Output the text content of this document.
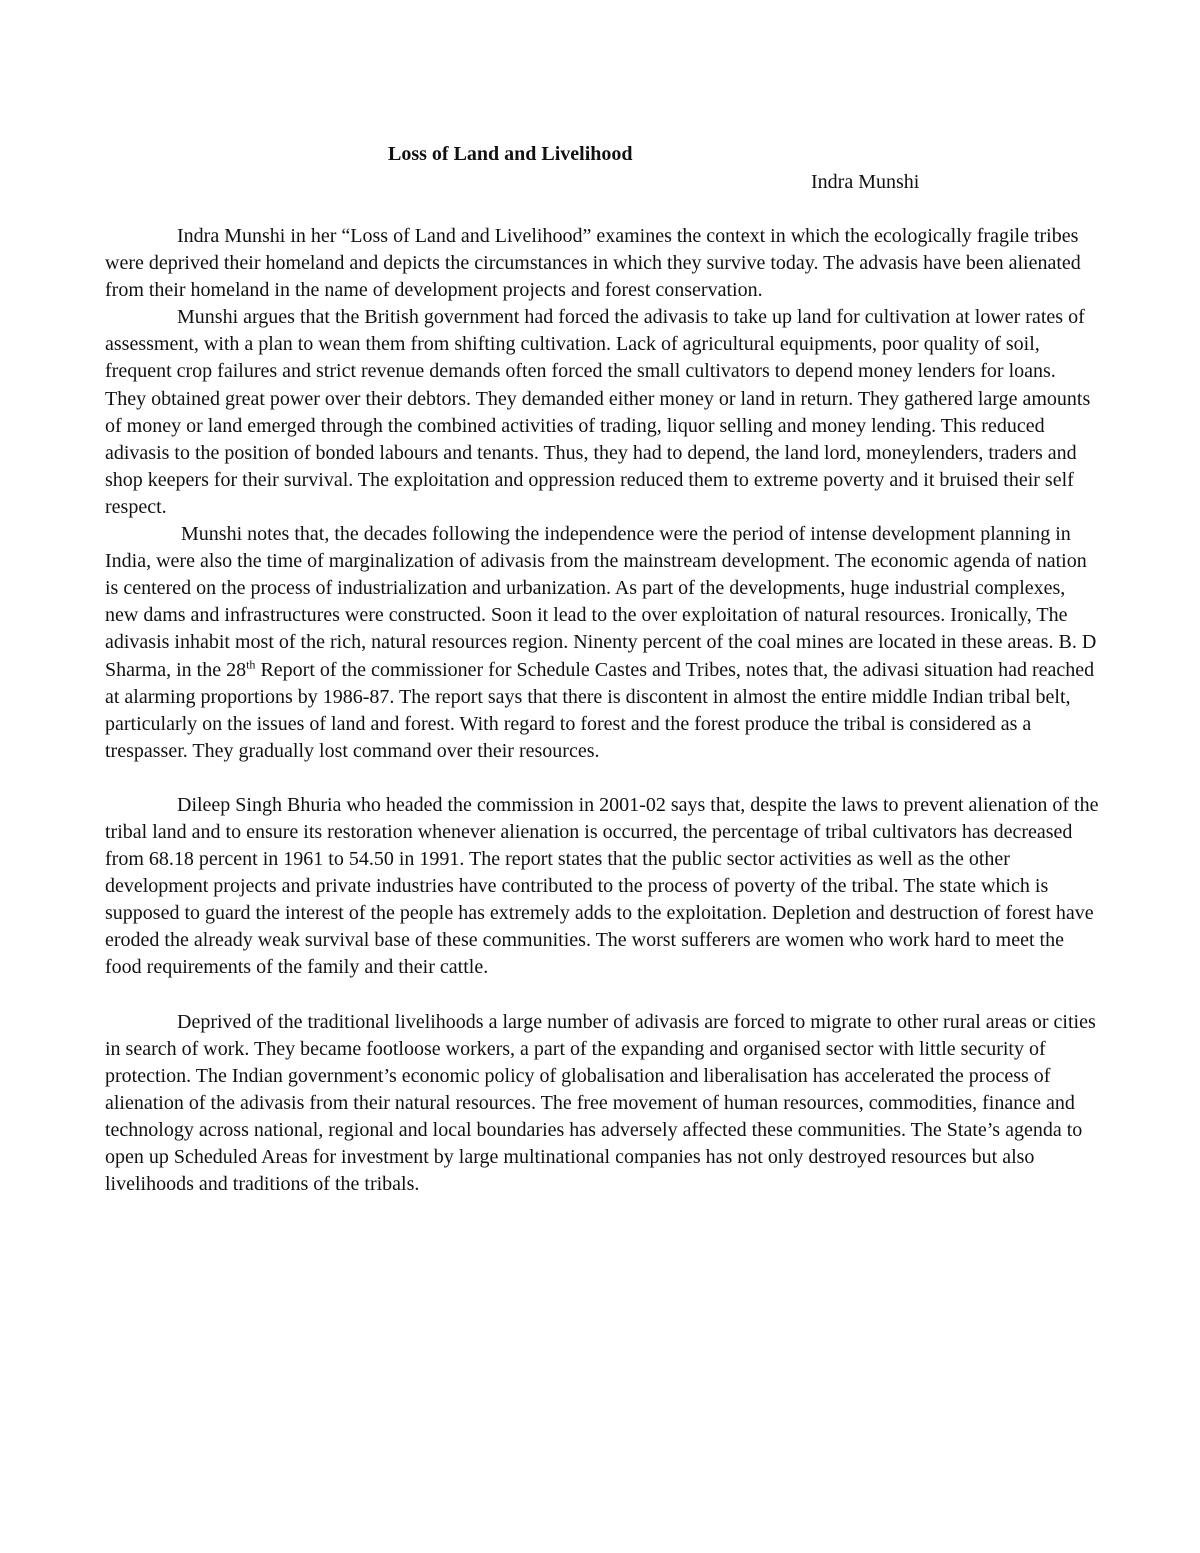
Loss of Land and Livelihood
Indra Munshi

Indra Munshi in her “Loss of Land and Livelihood” examines the context in which the ecologically fragile tribes were deprived their homeland and depicts the circumstances in which they survive today. The advasis have been alienated from their homeland in the name of development projects and forest conservation.

Munshi argues that the British government had forced the adivasis to take up land for cultivation at lower rates of assessment, with a plan to wean them from shifting cultivation. Lack of agricultural equipments, poor quality of soil, frequent crop failures and strict revenue demands often forced the small cultivators to depend money lenders for loans. They obtained great power over their debtors. They demanded either money or land in return. They gathered large amounts of money or land emerged through the combined activities of trading, liquor selling and money lending. This reduced adivasis to the position of bonded labours and tenants. Thus, they had to depend, the land lord, moneylenders, traders and shop keepers for their survival. The exploitation and oppression reduced them to extreme poverty and it bruised their self respect.

Munshi notes that, the decades following the independence were the period of intense development planning in India, were also the time of marginalization of adivasis from the mainstream development. The economic agenda of nation is centered on the process of industrialization and urbanization. As part of the developments, huge industrial complexes, new dams and infrastructures were constructed. Soon it lead to the over exploitation of natural resources. Ironically, The adivasis inhabit most of the rich, natural resources region. Ninenty percent of the coal mines are located in these areas. B. D Sharma, in the 28th Report of the commissioner for Schedule Castes and Tribes, notes that, the adivasi situation had reached at alarming proportions by 1986-87. The report says that there is discontent in almost the entire middle Indian tribal belt, particularly on the issues of land and forest. With regard to forest and the forest produce the tribal is considered as a trespasser. They gradually lost command over their resources.

Dileep Singh Bhuria who headed the commission in 2001-02 says that, despite the laws to prevent alienation of the tribal land and to ensure its restoration whenever alienation is occurred, the percentage of tribal cultivators has decreased from 68.18 percent in 1961 to 54.50 in 1991. The report states that the public sector activities as well as the other development projects and private industries have contributed to the process of poverty of the tribal. The state which is supposed to guard the interest of the people has extremely adds to the exploitation. Depletion and destruction of forest have eroded the already weak survival base of these communities. The worst sufferers are women who work hard to meet the food requirements of the family and their cattle.

Deprived of the traditional livelihoods a large number of adivasis are forced to migrate to other rural areas or cities in search of work. They became footloose workers, a part of the expanding and organised sector with little security of protection. The Indian government’s economic policy of globalisation and liberalisation has accelerated the process of alienation of the adivasis from their natural resources. The free movement of human resources, commodities, finance and technology across national, regional and local boundaries has adversely affected these communities. The State’s agenda to open up Scheduled Areas for investment by large multinational companies has not only destroyed resources but also livelihoods and traditions of the tribals.
